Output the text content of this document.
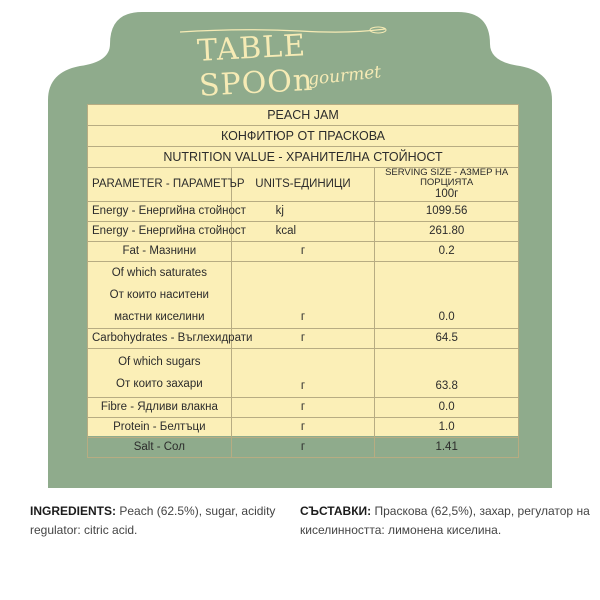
TABLE SPOOn
gourmet
PEACH JAM		
КОНФИТЮР ОТ ПРАСКОВА		
NUTRITION VALUE - ХРАНИТЕЛНА СТОЙНОСТ		
PARAMETER - ПАРАМЕТЪР	UNITS-ЕДИНИЦИ	SERVING SIZE - АЗМЕР НА ПОРЦИЯТА
100г

Energy - Енергийна стойност	kj	1099.56
Energy - Енергийна стойност	kcal	261.80
Fat - Мазнини	г	0.2

Of which saturates
От които наситени мастни киселини	г	0.0
Carbohydrates - Въглехидрати	г	64.5

Of which sugars
От които захари	г	63.8
Fibre - Ядливи влакна	г	0.0
Protein - Белтъци	г	1.0
Salt - Сол	г	1.41
INGREDIENTS: Peach (62.5%), sugar, acidity regulator: citric acid.
СЪСТАВКИ: Праскова (62,5%), захар, регулатор на киселинността: лимонена киселина.
